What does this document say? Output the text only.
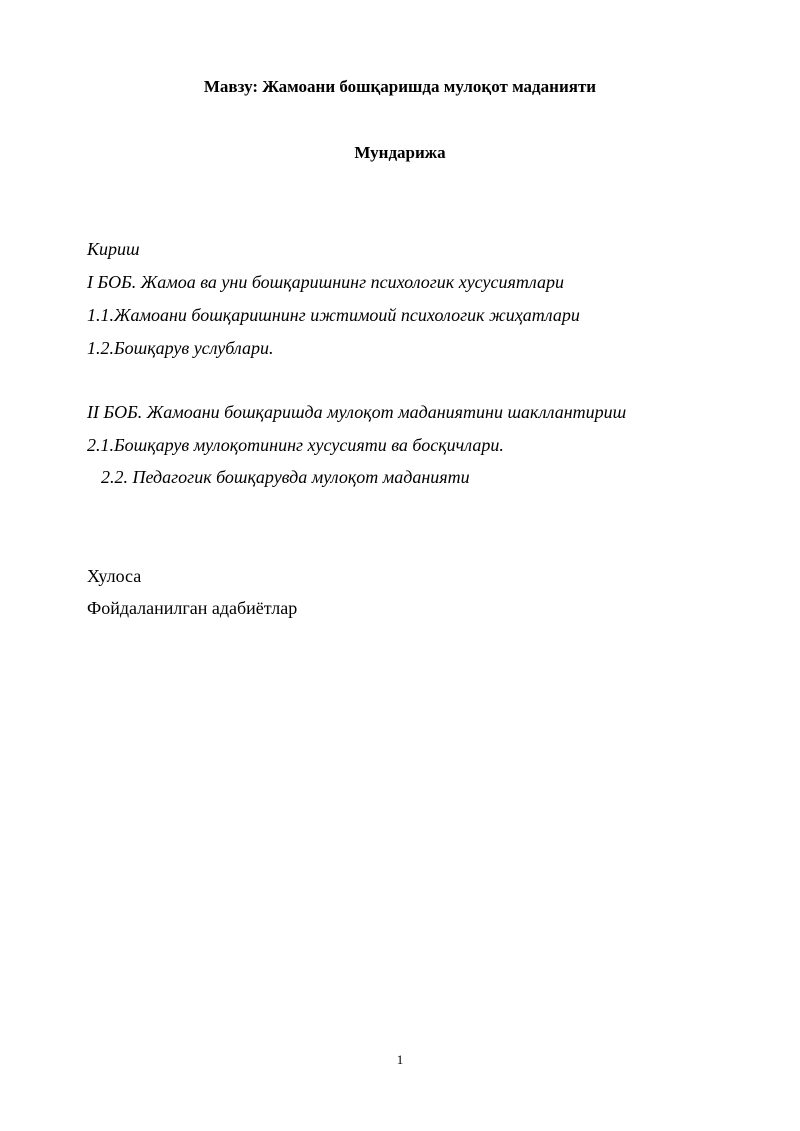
Мавзу: Жамоани бошқаришда мулоқот маданияти
Мундарижа
Кириш
I БОБ. Жамоа ва уни бошқаришнинг психологик хусусиятлари
1.1.Жамоани бошқаришнинг ижтимоий психологик жиҳатлари
1.2.Бошқарув услублари.
II БОБ. Жамоани бошқаришда мулоқот маданиятини шакллантириш
2.1.Бошқарув мулоқотининг хусусияти ва босқичлари.
2.2. Педагогик бошқарувда мулоқот маданияти
Хулоса
Фойдаланилган адабиётлар
1
